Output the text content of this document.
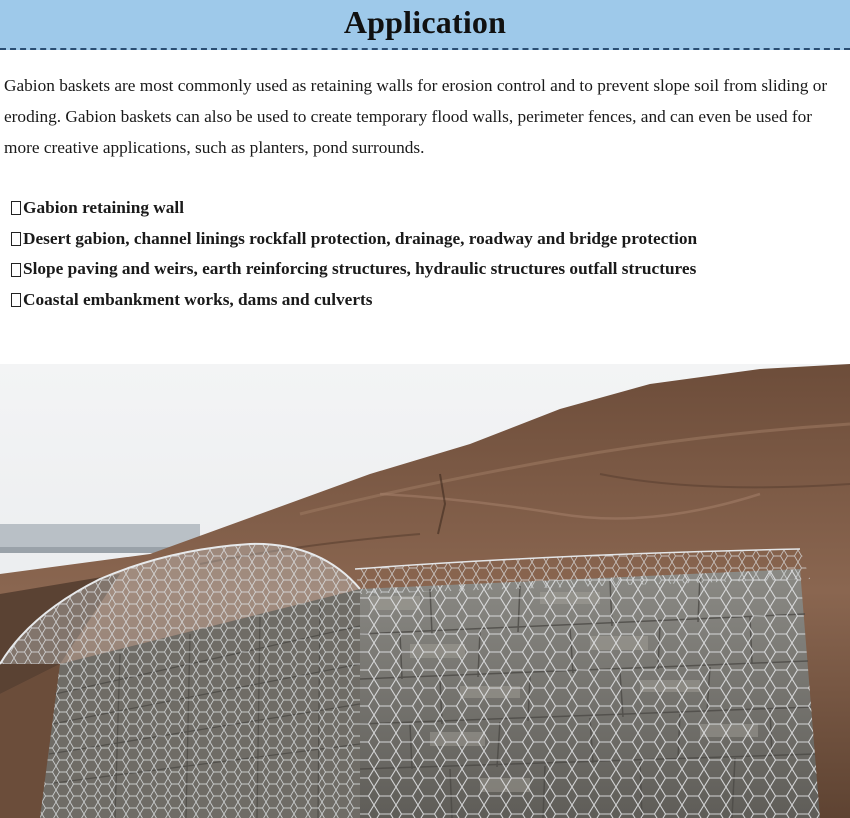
Application

Gabion baskets are most commonly used as retaining walls for erosion control and to prevent slope soil from sliding or eroding. Gabion baskets can also be used to create temporary flood walls, perimeter fences, and can even be used for more creative applications, such as planters, pond surrounds.

Gabion retaining wall
Desert gabion, channel linings rockfall protection, drainage, roadway and bridge protection
Slope paving and weirs, earth reinforcing structures, hydraulic structures outfall structures
Coastal embankment works, dams and culverts
